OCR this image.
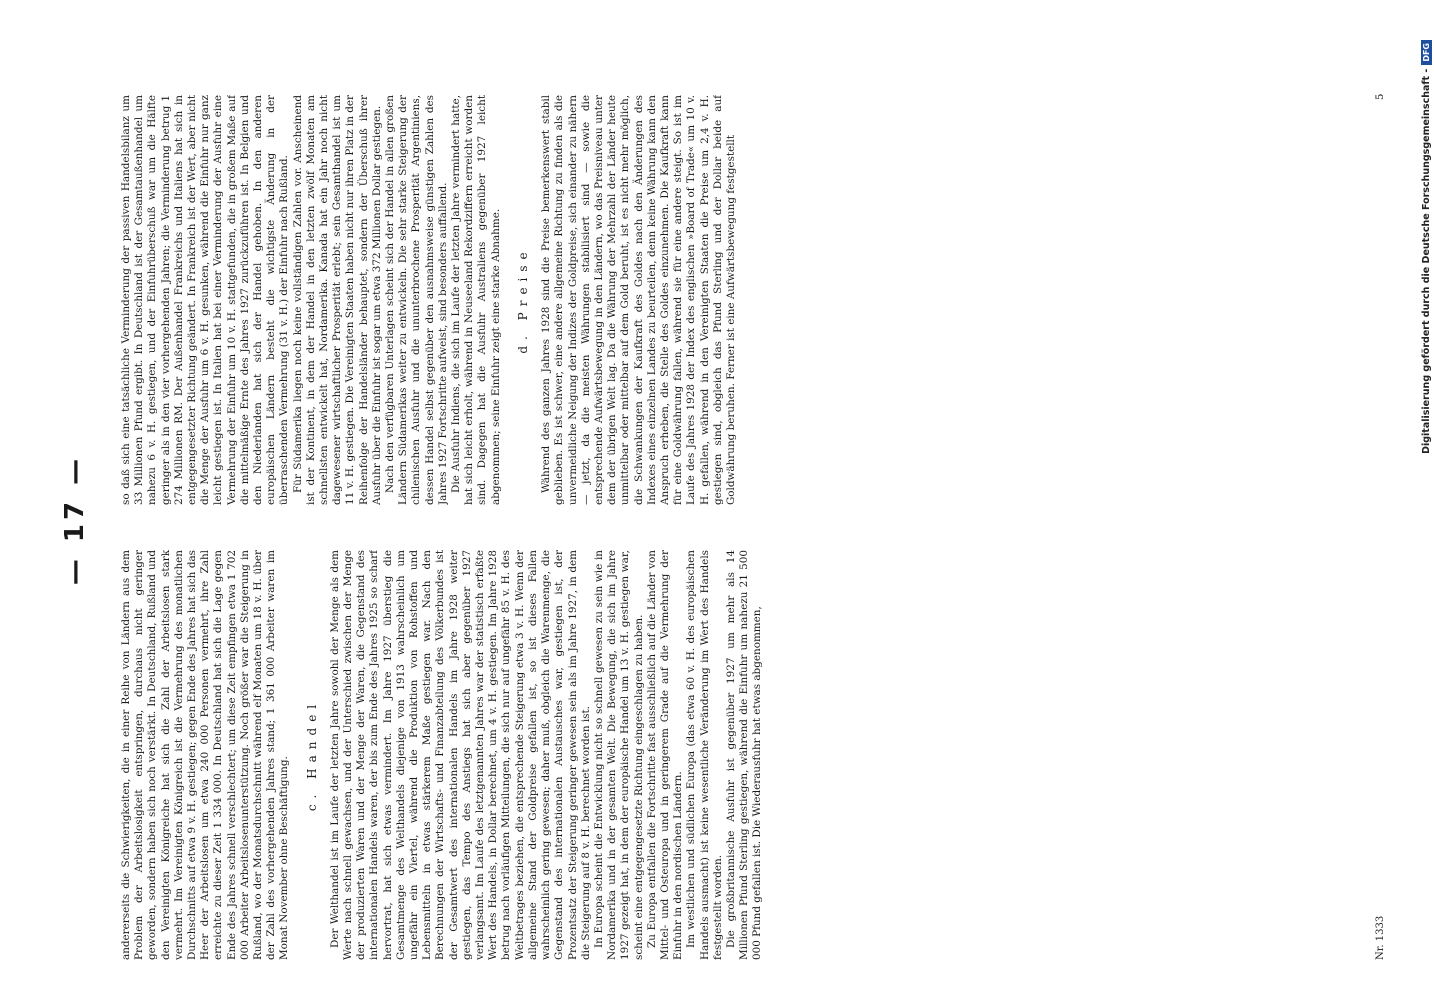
— 17 —

andererseits die Schwierigkeiten, die in einer Reihe von Ländern aus dem Problem der Arbeitslosigkeit entspringen, durchaus nicht geringer geworden, sondern haben sich noch verstärkt. In Deutschland, Rußland und den Vereinigten Königreiche hat sich die Zahl der Arbeitslosen stark vermehrt. Im Vereinigten Königreich ist die Vermehrung des monatlichen Durchschnitts auf etwa 9 v. H. gestiegen; gegen Ende des Jahres hat sich das Heer der Arbeitslosen um etwa 240 000 Personen vermehrt, ihre Zahl erreichte zu dieser Zeit 1 334 000. In Deutschland hat sich die Lage gegen Ende des Jahres schnell verschlechtert; um diese Zeit empfingen etwa 1 702 000 Arbeiter Arbeitslosenunterstützung. Noch größer war die Steigerung in Rußland, wo der Monatsdurchschnitt während elf Monaten um 18 v. H. über der Zahl des vorhergehenden Jahres stand; 1 361 000 Arbeiter waren im Monat November ohne Beschäftigung.

c. Handel Der Welthandel ist im Laufe der letzten Jahre sowohl der Menge als dem Werte nach schnell gewachsen, und der Unterschied zwischen der Menge der produzierten Waren und der Menge der Waren, die Gegenstand des internationalen Handels waren, der bis zum Ende des Jahres 1925 so scharf hervortrat, hat sich etwas vermindert. Im Jahre 1927 überstieg die Gesamtmenge des Welthandels diejenige von 1913 wahrscheinlich um ungefähr ein Viertel, während die Produktion von Rohstoffen und Lebensmitteln in etwas stärkerem Maße gestiegen war. Nach den Berechnungen der Wirtschafts- und Finanzabteilung des Völkerbundes ist der Gesamtwert des internationalen Handels im Jahre 1928 weiter gestiegen, das Tempo des Anstiegs hat sich aber gegenüber 1927 verlangsamt. Im Laufe des letztgenannten Jahres war der statistisch erfaßte Wert des Handels, in Dollar berechnet, um 4 v. H. gestiegen. Im Jahre 1928 betrug nach vorläufigen Mitteilungen, die sich nur auf ungefähr 85 v. H. des Weltbetrages beziehen, die entsprechende Steigerung etwa 3 v. H. Wenn der allgemeine Stand der Goldpreise gefallen ist, so ist dieses Fallen wahrscheinlich gering gewesen; daher muß, obgleich die Warenmenge, die Gegenstand des internationalen Austausches war, gestiegen ist, der Prozentsatz der Steigerung geringer gewesen sein als im Jahre 1927, in dem die Steigerung auf 8 v. H. berechnet worden ist. In Europa scheint die Entwicklung nicht so schnell gewesen zu sein wie in Nordamerika und in der gesamten Welt. Die Bewegung, die sich im Jahre 1927 gezeigt hat, in dem der europäische Handel um 13 v. H. gestiegen war, scheint eine entgegengesetzte Richtung eingeschlagen zu haben. Zu Europa entfallen die Fortschritte fast ausschließlich auf die Länder von Mittel- und Osteuropa und in geringerem Grade auf die Vermehrung der Einfuhr in den nordischen Ländern. Im westlichen und südlichen Europa (das etwa 60 v. H. des europäischen Handels ausmacht) ist keine wesentliche Veränderung im Wert des Handels festgestellt worden. Die großbritannische Ausfuhr ist gegenüber 1927 um mehr als 14 Millionen Pfund Sterling gestiegen, während die Einfuhr um nahezu 21 500 000 Pfund gefallen ist. Die Wiederausfuhr hat etwas abgenommen,

so daß sich eine tatsächliche Verminderung der passiven Handelsbilanz um 33 Millionen Pfund ergibt. In Deutschland ist der Gesamtaußenhandel um nahezu 6 v. H. gestiegen, und der Einfuhrüberschuß war um die Hälfte geringer als in den vier vorhergehenden Jahren; die Verminderung betrug 1 274 Millionen RM. Der Außenhandel Frankreichs und Italiens hat sich in entgegengesetzter Richtung geändert. In Frankreich ist der Wert, aber nicht die Menge der Ausfuhr um 6 v. H. gesunken, während die Einfuhr nur ganz leicht gestiegen ist. In Italien hat bei einer Verminderung der Ausfuhr eine Vermehrung der Einfuhr um 10 v. H. stattgefunden, die in großem Maße auf die mittelmäßige Ernte des Jahres 1927 zurückzuführen ist. In Belgien und den Niederlanden hat sich der Handel gehoben. In den anderen europäischen Ländern besteht die wichtigste Änderung in der überraschenden Vermehrung (31 v. H.) der Einfuhr nach Rußland. Für Südamerika liegen noch keine vollständigen Zahlen vor. Anscheinend ist der Kontinent, in dem der Handel in den letzten zwölf Monaten am schnellsten entwickelt hat, Nordamerika. Kanada hat ein Jahr noch nicht dagewesener wirtschaftlicher Prosperität erlebt; sein Gesamthandel ist um 11 v. H. gestiegen. Die Vereinigten Staaten haben nicht nur ihren Platz in der Reihenfolge der Handelsländer behauptet, sondern der Überschuß ihrer Ausfuhr über die Einfuhr ist sogar um etwa 372 Millionen Dollar gestiegen. Nach den verfügbaren Unterlagen scheint sich der Handel in allen großen Ländern Südamerikas weiter zu entwickeln. Die sehr starke Steigerung der chilenischen Ausfuhr und die ununterbrochene Prosperität Argentiniens, dessen Handel selbst gegenüber den ausnahmsweise günstigen Zahlen des Jahres 1927 Fortschritte aufweist, sind besonders auffallend. Die Ausfuhr Indiens, die sich im Laufe der letzten Jahre vermindert hatte, hat sich leicht erholt, während in Neuseeland Rekordziffern erreicht worden sind. Dagegen hat die Ausfuhr Australiens gegenüber 1927 leicht abgenommen; seine Einfuhr zeigt eine starke Abnahme. d. Preise Während des ganzen Jahres 1928 sind die Preise bemerkenswert stabil geblieben. Es ist schwer, eine andere allgemeine Richtung zu finden als die unvermeidliche Neigung der Indizes der Goldpreise, sich einander zu nähern — jetzt, da die meisten Währungen stabilisiert sind — sowie die entsprechende Aufwärtsbewegung in den Ländern, wo das Preisniveau unter dem der übrigen Welt lag. Da die Währung der Mehrzahl der Länder heute unmittelbar oder mittelbar auf dem Gold beruht, ist es nicht mehr möglich, die Schwankungen der Kaufkraft des Goldes nach den Änderungen des Indexes eines einzelnen Landes zu beurteilen, denn keine Währung kann den Anspruch erheben, die Stelle des Goldes einzunehmen. Die Kaufkraft kann für eine Goldwährung fallen, während sie für eine andere steigt. So ist im Laufe des Jahres 1928 der Index des englischen »Board of Trade« um 10 v. H. gefallen, während in den Vereinigten Staaten die Preise um 2,4 v. H. gestiegen sind, obgleich das Pfund Sterling und der Dollar beide auf Goldwährung beruhen. Ferner ist eine Aufwärtsbewegung festgestellt

Nr. 1333
5	Digitalisierung gefördert durch die Deutsche Forschungsgemeinschaft -
DFG
